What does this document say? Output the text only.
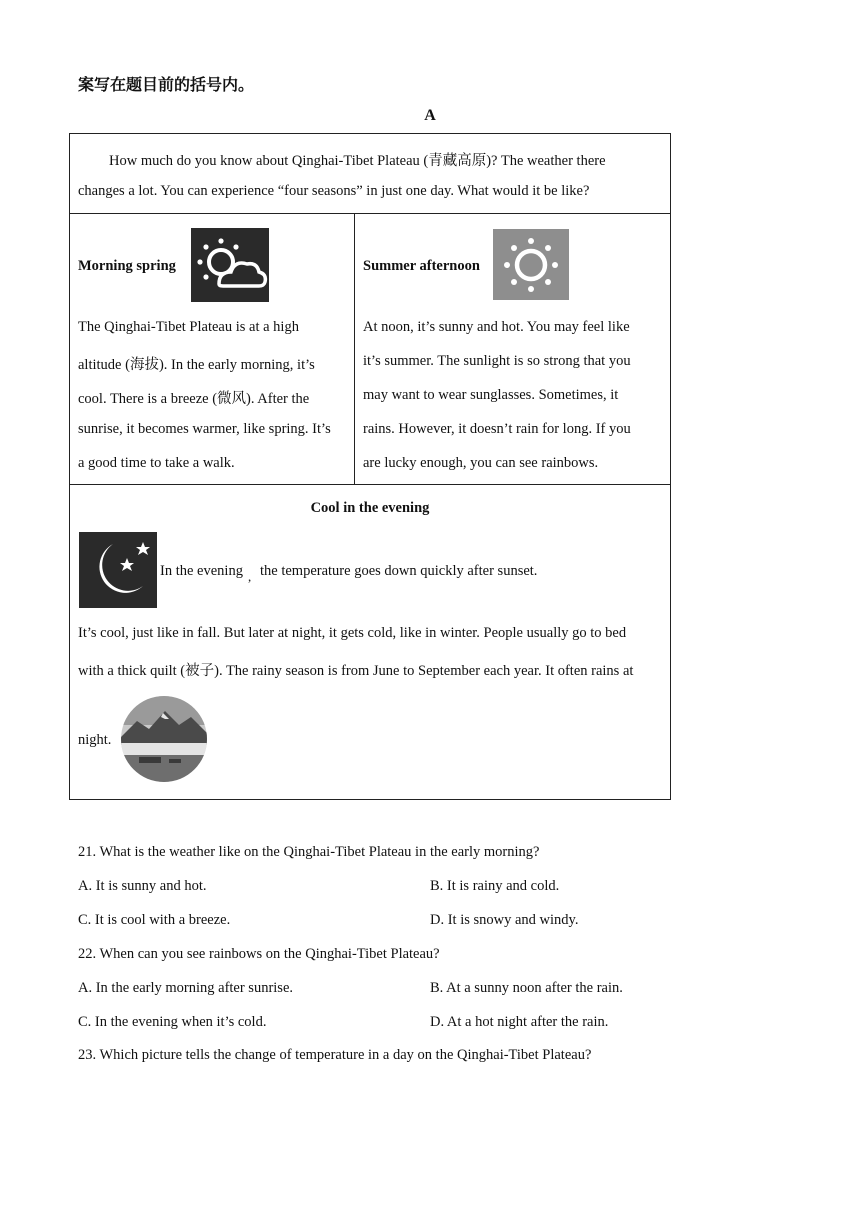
案写在题目前的括号内。
A

How much do you know about Qinghai-Tibet Plateau (青藏高原)? The weather there

changes a lot. You can experience “four seasons” in just one day. What would it be like?

Morning spring
The Qinghai-Tibet Plateau is at a high
altitude (海拔). In the early morning, it’s
cool. There is a breeze (微风). After the
sunrise, it becomes warmer, like spring. It’s
a good time to take a walk.
Summer afternoon
At noon, it’s sunny and hot. You may feel like
it’s summer. The sunlight is so strong that you
may want to wear sunglasses. Sometimes, it
rains. However, it doesn’t rain for long. If you
are lucky enough, you can see rainbows.
Cool in the evening
In the evening , the temperature goes down quickly after sunset.
It’s cool, just like in fall. But later at night, it gets cold, like in winter. People usually go to bed
with a thick quilt (被子). The rainy season is from June to September each year. It often rains at
night.
21. What is the weather like on the Qinghai-Tibet Plateau in the early morning?
A. It is sunny and hot.	B. It is rainy and cold.
C. It is cool with a breeze.	D. It is snowy and windy.
22. When can you see rainbows on the Qinghai-Tibet Plateau?
A. In the early morning after sunrise.	B. At a sunny noon after the rain.
C. In the evening when it’s cold.	D. At a hot night after the rain.
23. Which picture tells the change of temperature in a day on the Qinghai-Tibet Plateau?
